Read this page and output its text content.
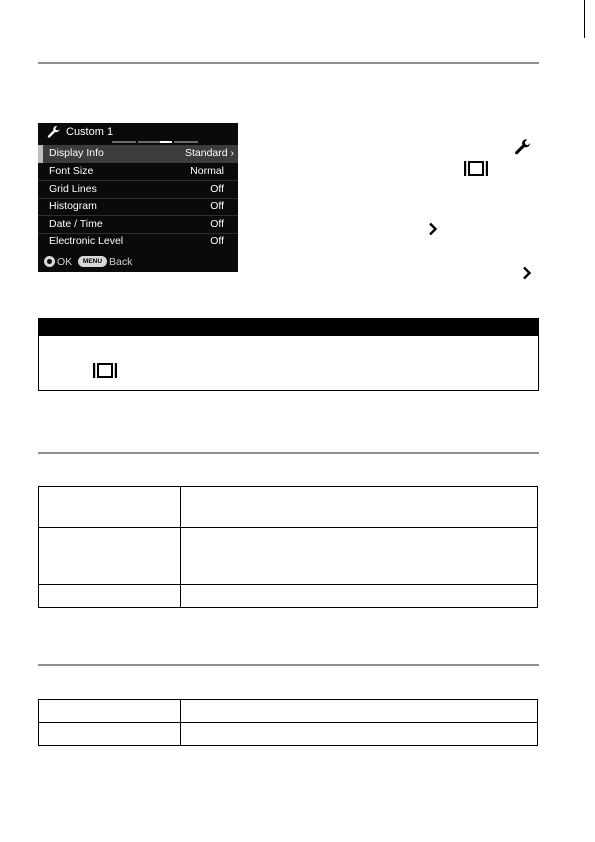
Custom 1
Display Info	Standard ›
Font Size	Normal
Grid Lines	Off
Histogram	Off
Date / Time	Off
Electronic Level	Off
OK	MENU Back
